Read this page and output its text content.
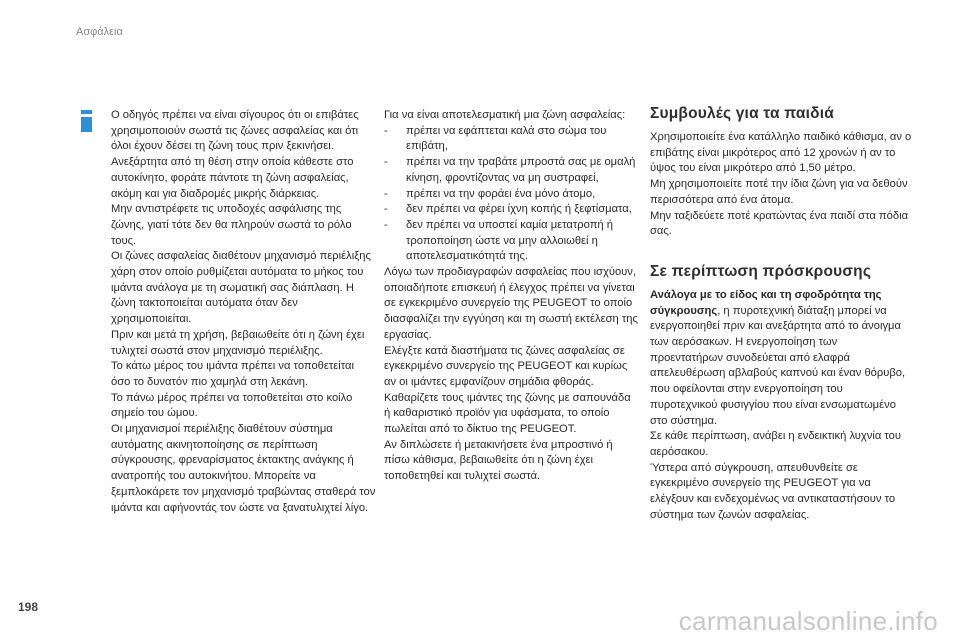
Ασφάλεια

Ο οδηγός πρέπει να είναι σίγουρος ότι οι επιβάτες χρησιμοποιούν σωστά τις ζώνες ασφαλείας και ότι όλοι έχουν δέσει τη ζώνη τους πριν ξεκινήσει.

Ανεξάρτητα από τη θέση στην οποία κάθεστε στο αυτοκίνητο, φοράτε πάντοτε τη ζώνη ασφαλείας, ακόμη και για διαδρομές μικρής διάρκειας.

Μην αντιστρέφετε τις υποδοχές ασφάλισης της ζώνης, γιατί τότε δεν θα πληρούν σωστά το ρόλο τους.

Οι ζώνες ασφαλείας διαθέτουν μηχανισμό περιέλιξης χάρη στον οποίο ρυθμίζεται αυτόματα το μήκος του ιμάντα ανάλογα με τη σωματική σας διάπλαση. Η ζώνη τακτοποιείται αυτόματα όταν δεν χρησιμοποιείται.

Πριν και μετά τη χρήση, βεβαιωθείτε ότι η ζώνη έχει τυλιχτεί σωστά στον μηχανισμό περιέλιξης.

Το κάτω μέρος του ιμάντα πρέπει να τοποθετείται όσο το δυνατόν πιο χαμηλά στη λεκάνη.

Το πάνω μέρος πρέπει να τοποθετείται στο κοίλο σημείο του ώμου.

Οι μηχανισμοί περιέλιξης διαθέτουν σύστημα αυτόματης ακινητοποίησης σε περίπτωση σύγκρουσης, φρεναρίσματος έκτακτης ανάγκης ή ανατροπής του αυτοκινήτου. Μπορείτε να ξεμπλοκάρετε τον μηχανισμό τραβώντας σταθερά τον ιμάντα και αφήνοντάς τον ώστε να ξανατυλιχτεί λίγο.

Για να είναι αποτελεσματική μια ζώνη ασφαλείας:

-	πρέπει να εφάπτεται καλά στο σώμα του επιβάτη,
-	πρέπει να την τραβάτε μπροστά σας με ομαλή κίνηση, φροντίζοντας να μη συστραφεί,
-	πρέπει να την φοράει ένα μόνο άτομο,
-	δεν πρέπει να φέρει ίχνη κοπής ή ξεφτίσματα,
-	δεν πρέπει να υποστεί καμία μετατροπή ή τροποποίηση ώστε να μην αλλοιωθεί η αποτελεσματικότητά της.

Λόγω των προδιαγραφών ασφαλείας που ισχύουν, οποιαδήποτε επισκευή ή έλεγχος πρέπει να γίνεται σε εγκεκριμένο συνεργείο της PEUGEOT το οποίο διασφαλίζει την εγγύηση και τη σωστή εκτέλεση της εργασίας.

Ελέγξτε κατά διαστήματα τις ζώνες ασφαλείας σε εγκεκριμένο συνεργείο της PEUGEOT και κυρίως αν οι ιμάντες εμφανίζουν σημάδια φθοράς.

Καθαρίζετε τους ιμάντες της ζώνης με σαπουνάδα ή καθαριστικό προϊόν για υφάσματα, το οποίο πωλείται από το δίκτυο της PEUGEOT.

Αν διπλώσετε ή μετακινήσετε ένα μπροστινό ή πίσω κάθισμα, βεβαιωθείτε ότι η ζώνη έχει τοποθετηθεί και τυλιχτεί σωστά.

Συμβουλές για τα παιδιά

Χρησιμοποιείτε ένα κατάλληλο παιδικό κάθισμα, αν ο επιβάτης είναι μικρότερος από 12 χρονών ή αν το ύψος του είναι μικρότερο από 1,50 μέτρο.

Μη χρησιμοποιείτε ποτέ την ίδια ζώνη για να δεθούν περισσότερα από ένα άτομα.

Μην ταξιδεύετε ποτέ κρατώντας ένα παιδί στα πόδια σας.

Σε περίπτωση πρόσκρουσης

Ανάλογα με το είδος και τη σφοδρότητα της σύγκρουσης, η πυροτεχνική διάταξη μπορεί να ενεργοποιηθεί πριν και ανεξάρτητα από το άνοιγμα των αερόσακων. Η ενεργοποίηση των προεντατήρων συνοδεύεται από ελαφρά απελευθέρωση αβλαβούς καπνού και έναν θόρυβο, που οφείλονται στην ενεργοποίηση του πυροτεχνικού φυσιγγίου που είναι ενσωματωμένο στο σύστημα.

Σε κάθε περίπτωση, ανάβει η ενδεικτική λυχνία του αερόσακου.

Ύστερα από σύγκρουση, απευθυνθείτε σε εγκεκριμένο συνεργείο της PEUGEOT για να ελέγξουν και ενδεχομένως να αντικαταστήσουν το σύστημα των ζωνών ασφαλείας.

198	carmanualsonline.info
